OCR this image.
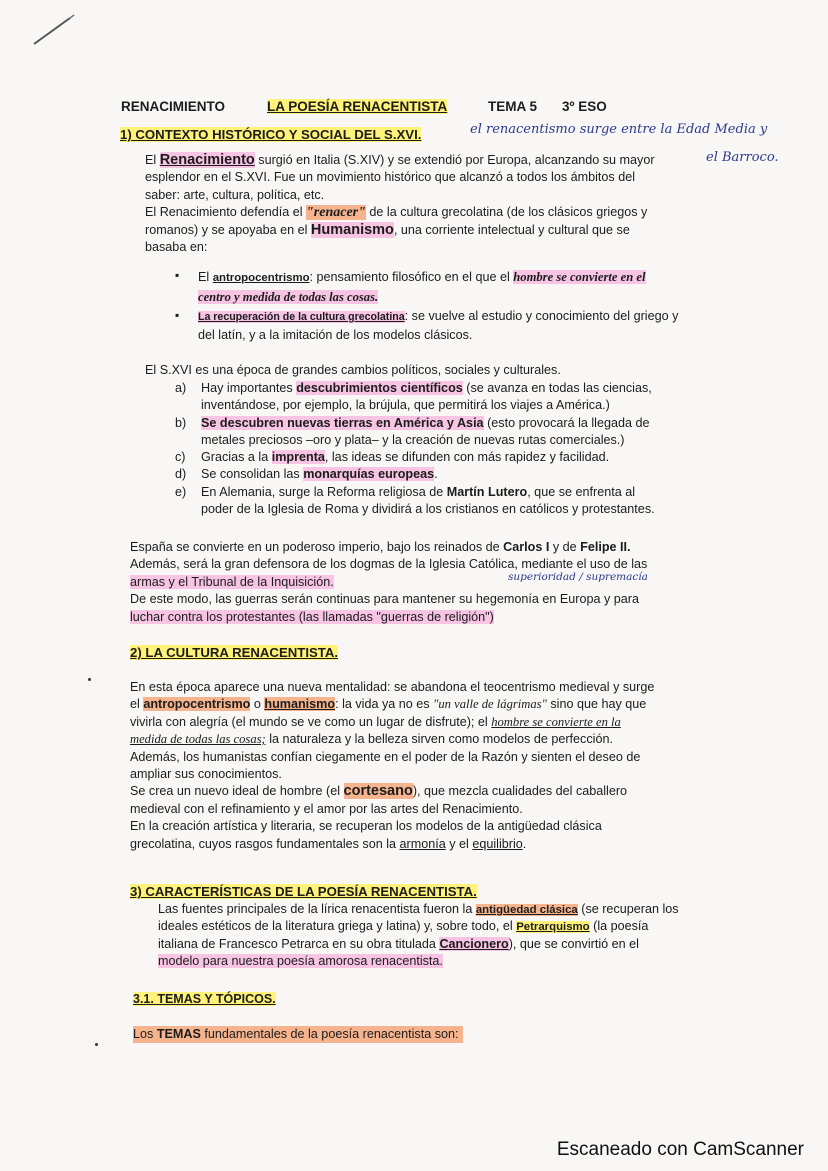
RENACIMIENTO	LA POESÍA RENACENTISTA	TEMA 5 3º ESO
1) CONTEXTO HISTÓRICO Y SOCIAL DEL S.XVI.	el renacentismo surge entre la Edad Media y
el Barroco.
El Renacimiento surgió en Italia (S.XIV) y se extendió por Europa, alcanzando su mayor
esplendor en el S.XVI. Fue un movimiento histórico que alcanzó a todos los ámbitos del
saber: arte, cultura, política, etc.
El Renacimiento defendía el "renacer" de la cultura grecolatina (de los clásicos griegos y
romanos) y se apoyaba en el Humanismo, una corriente intelectual y cultural que se
basaba en:
▪ El antropocentrismo: pensamiento filosófico en el que el hombre se convierte en el
centro y medida de todas las cosas.
▪ La recuperación de la cultura grecolatina: se vuelve al estudio y conocimiento del griego y
del latín, y a la imitación de los modelos clásicos.
El S.XVI es una época de grandes cambios políticos, sociales y culturales.
a) Hay importantes descubrimientos científicos (se avanza en todas las ciencias,
inventándose, por ejemplo, la brújula, que permitirá los viajes a América.)
b) Se descubren nuevas tierras en América y Asia (esto provocará la llegada de
metales preciosos –oro y plata– y la creación de nuevas rutas comerciales.)
c) Gracias a la imprenta, las ideas se difunden con más rapidez y facilidad.
d) Se consolidan las monarquías europeas.
e) En Alemania, surge la Reforma religiosa de Martín Lutero, que se enfrenta al
poder de la Iglesia de Roma y dividirá a los cristianos en católicos y protestantes.
España se convierte en un poderoso imperio, bajo los reinados de Carlos I y de Felipe II.
Además, será la gran defensora de los dogmas de la Iglesia Católica, mediante el uso de las
armas y el Tribunal de la Inquisición.
De este modo, las guerras serán continuas para mantener su hegemonía en Europa y para
luchar contra los protestantes (las llamadas "guerras de religión")
superioridad / supremacía
2) LA CULTURA RENACENTISTA.
En esta época aparece una nueva mentalidad: se abandona el teocentrismo medieval y surge
el antropocentrismo o humanismo: la vida ya no es "un valle de lágrimas" sino que hay que
vivirla con alegría (el mundo se ve como un lugar de disfrute); el hombre se convierte en la
medida de todas las cosas; la naturaleza y la belleza sirven como modelos de perfección.
Además, los humanistas confían ciegamente en el poder de la Razón y sienten el deseo de
ampliar sus conocimientos.
Se crea un nuevo ideal de hombre (el cortesano), que mezcla cualidades del caballero
medieval con el refinamiento y el amor por las artes del Renacimiento.
En la creación artística y literaria, se recuperan los modelos de la antigüedad clásica
grecolatina, cuyos rasgos fundamentales son la armonía y el equilibrio.
3) CARACTERÍSTICAS DE LA POESÍA RENACENTISTA.
Las fuentes principales de la lírica renacentista fueron la antigüedad clásica (se recuperan los
ideales estéticos de la literatura griega y latina) y, sobre todo, el Petrarquismo (la poesía
italiana de Francesco Petrarca en su obra titulada Cancionero), que se convirtió en el
modelo para nuestra poesía amorosa renacentista.
3.1. TEMAS Y TÓPICOS.
Los TEMAS fundamentales de la poesía renacentista son:
Escaneado con CamScanner
